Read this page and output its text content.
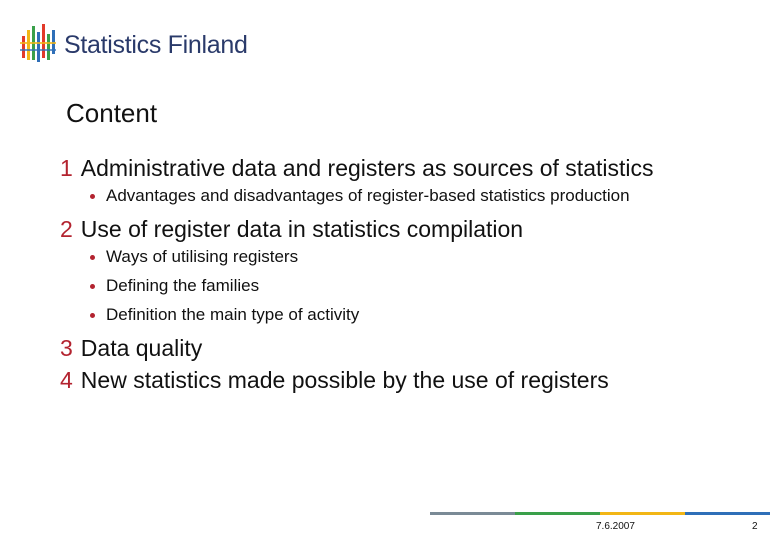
Statistics Finland
Content
1 Administrative data and registers as sources of statistics
Advantages and disadvantages of register-based statistics production
2 Use of register data in statistics compilation
Ways of utilising registers
Defining the families
Definition the main type of activity
3 Data quality
4 New statistics made possible by the use of registers
7.6.2007	2
